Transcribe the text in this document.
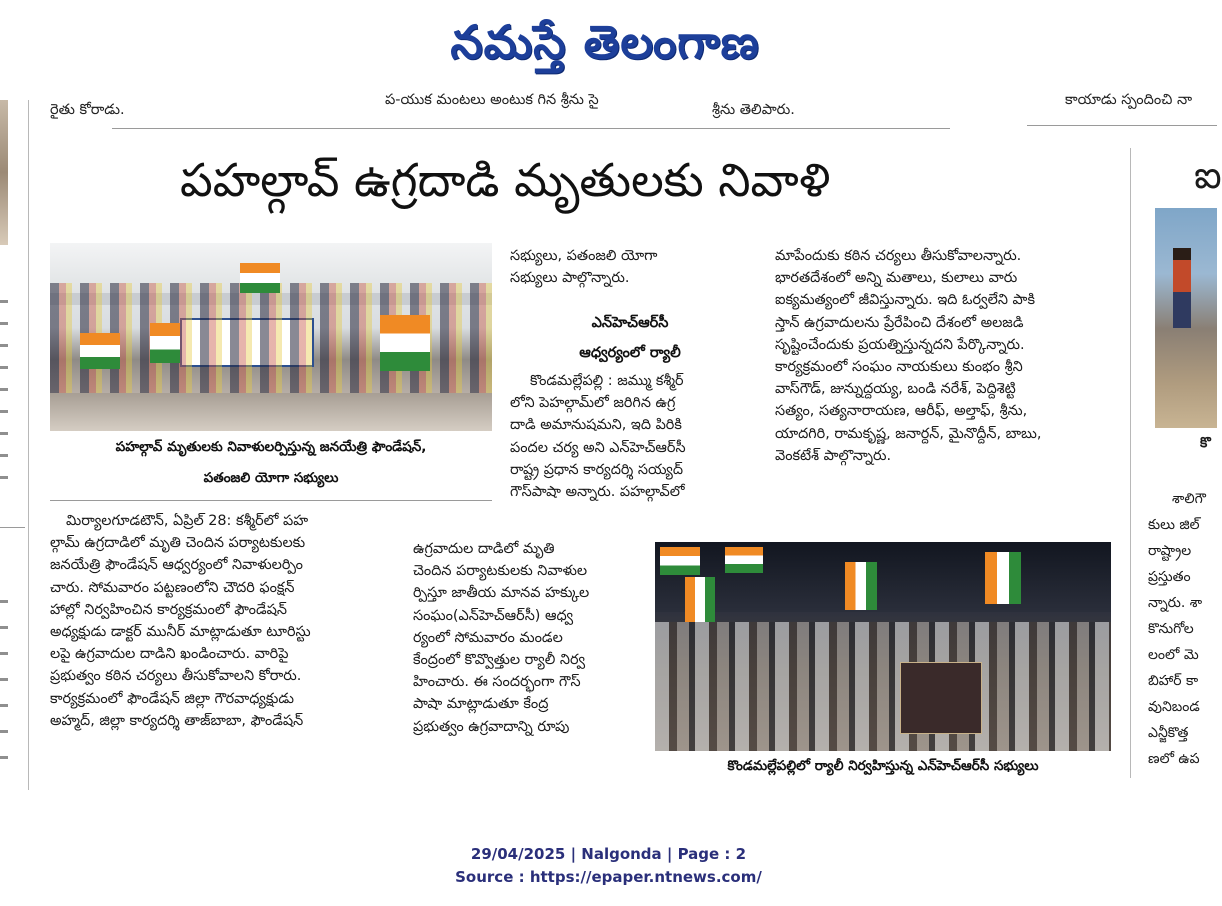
నమస్తే తెలంగాణ
రైతు కోరాడు.
ప-యుక మంటలు అంటుక గిన శ్రీను సై
శ్రీను తెలిపారు.
కాయాడు స్పందించి నా
పహల్గావ్ ఉగ్రదాడి మృతులకు నివాళి
పహల్గావ్ మృతులకు నివాళులర్పిస్తున్న జనయేత్రి ఫౌండేషన్,
పతంజలి యోగా సభ్యులు

మిర్యాలగూడటౌన్, ఏప్రిల్ 28: కశ్మీర్‌లో పహ

ల్గామ్ ఉగ్రదాడిలో మృతి చెందిన పర్యాటకులకు

జనయేత్రి ఫౌండేషన్ ఆధ్వర్యంలో నివాళులర్పిం

చారు. సోమవారం పట్టణంలోని చౌదరి ఫంక్షన్

హాల్లో నిర్వహించిన కార్యక్రమంలో ఫౌండేషన్

అధ్యక్షుడు డాక్టర్ మునీర్ మాట్లాడుతూ టూరిస్టు

లపై ఉగ్రవాదుల దాడిని ఖండించారు. వారిపై

ప్రభుత్వం కఠిన చర్యలు తీసుకోవాలని కోరారు.

కార్యక్రమంలో ఫౌండేషన్ జిల్లా గౌరవాధ్యక్షుడు

అహ్మద్, జిల్లా కార్యదర్శి తాజ్‌బాబా, ఫౌండేషన్

సభ్యులు, పతంజలి యోగా

సభ్యులు పాల్గొన్నారు.

ఎన్‌హెచ్‌ఆర్‌సీ
ఆధ్వర్యంలో ర్యాలీ

కొండమల్లేపల్లి : జమ్ము కశ్మీర్

లోని పెహల్గామ్‌లో జరిగిన ఉగ్ర

దాడి అమానుషమని, ఇది పిరికి

పందల చర్య అని ఎన్‌హెచ్‌ఆర్‌సీ

రాష్ట్ర ప్రధాన కార్యదర్శి సయ్యద్

గౌస్‌పాషా అన్నారు. పహల్గావ్‌లో

ఉగ్రవాదుల దాడిలో మృతి

చెందిన పర్యాటకులకు నివాళుల

ర్పిస్తూ జాతీయ మానవ హక్కుల

సంఘం(ఎన్‌హెచ్‌ఆర్‌సీ) ఆధ్వ

ర్యంలో సోమవారం మండల

కేంద్రంలో కొవ్వొత్తుల ర్యాలీ నిర్వ

హించారు. ఈ సందర్భంగా గౌస్

పాషా మాట్లాడుతూ కేంద్ర

ప్రభుత్వం ఉగ్రవాదాన్ని రూపు

మాపేందుకు కఠిన చర్యలు తీసుకోవాలన్నారు.

భారతదేశంలో అన్ని మతాలు, కులాలు వారు

ఐక్యమత్యంలో జీవిస్తున్నారు. ఇది ఓర్వలేని పాకి

స్తాన్ ఉగ్రవాదులను ప్రేరేపించి దేశంలో అలజడి

సృష్టించేందుకు ప్రయత్నిస్తున్నదని పేర్కొన్నారు.

కార్యక్రమంలో సంఘం నాయకులు కుంభం శ్రీని

వాస్‌గౌడ్, జున్నుద్దయ్య, బండి నరేశ్, పెద్దిశెట్టి

సత్యం, సత్యనారాయణ, ఆరీఫ్, అల్తాఫ్, శ్రీను,

యాదగిరి, రామకృష్ణ, జనార్దన్, మైనొద్దీన్, బాబు,

వెంకటేశ్ పాల్గొన్నారు.

కొండమల్లేపల్లిలో ర్యాలీ నిర్వహిస్తున్న ఎన్‌హెచ్‌ఆర్‌సీ సభ్యులు
ఐ
కొ

శాలిగౌ

కులు జిల్

రాష్ట్రాల

ప్రస్తుతం

న్నారు. శా

కొనుగోల

లంలో మె

బిహార్ కా

వునిబండ

ఎన్జీకొత్త

ణలో ఉప

29/04/2025 | Nalgonda | Page : 2
Source : https://epaper.ntnews.com/
